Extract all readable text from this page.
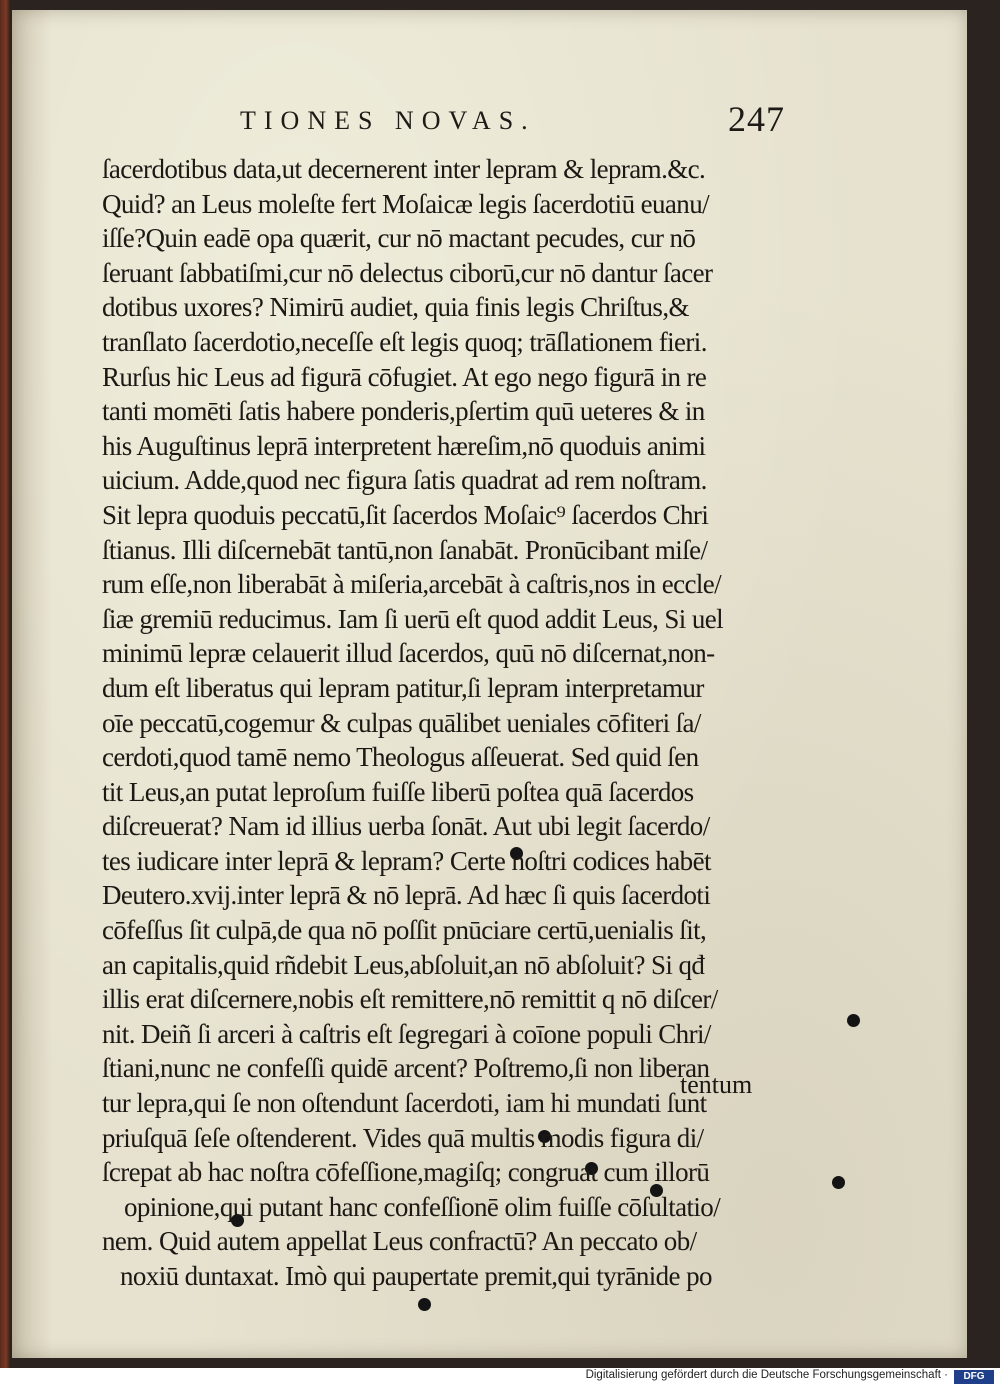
TIONES NOVAS.	247
ſacerdotibus data,ut decernerent inter lepram & lepram.&c.
Quid? an Leus moleſte fert Moſaicæ legis ſacerdotiū euanu/
iſſe?Quin eadē opa quærit, cur nō mactant pecudes, cur nō
ſeruant ſabbatiſmi,cur nō delectus ciborū,cur nō dantur ſacer
dotibus uxores? Nimirū audiet, quia finis legis Chriſtus,&
tranſlato ſacerdotio,neceſſe eſt legis quoq; trāſlationem fieri.
Rurſus hic Leus ad figurā cōfugiet. At ego nego figurā in re
tanti momēti ſatis habere ponderis,pſertim quū ueteres & in
his Auguſtinus leprā interpretent hæreſim,nō quoduis animi
uicium. Adde,quod nec figura ſatis quadrat ad rem noſtram.
Sit lepra quoduis peccatū,ſit ſacerdos Moſaic⁹ ſacerdos Chri
ſtianus. Illi diſcernebāt tantū,non ſanabāt. Pronūcibant miſe/
rum eſſe,non liberabāt à miſeria,arcebāt à caſtris,nos in eccle/
ſiæ gremiū reducimus. Iam ſi uerū eſt quod addit Leus, Si uel
minimū lepræ celauerit illud ſacerdos, quū nō diſcernat,non-
dum eſt liberatus qui lepram patitur,ſi lepram interpretamur
oīe peccatū,cogemur & culpas quālibet ueniales cōfiteri ſa/
cerdoti,quod tamē nemo Theologus aſſeuerat. Sed quid ſen
tit Leus,an putat leproſum fuiſſe liberū poſtea quā ſacerdos
diſcreuerat? Nam id illius uerba ſonāt. Aut ubi legit ſacerdo/
tes iudicare inter leprā & lepram? Certe noſtri codices habēt
Deutero.xvij.inter leprā & nō leprā. Ad hæc ſi quis ſacerdoti
cōfeſſus ſit culpā,de qua nō poſſit pnūciare certū,uenialis ſit,
an capitalis,quid rñdebit Leus,abſoluit,an nō abſoluit? Si qđ
illis erat diſcernere,nobis eſt remittere,nō remittit q nō diſcer/
nit. Deiñ ſi arceri à caſtris eſt ſegregari à coīone populi Chri/
ſtiani,nunc ne confeſſi quidē arcent? Poſtremo,ſi non liberan
tur lepra,qui ſe non oſtendunt ſacerdoti, iam hi mundati ſunt
priuſquā ſeſe oſtenderent. Vides quā multis modis figura di/
ſcrepat ab hac noſtra cōfeſſione,magiſq; congruat cum illorū
opinione,qui putant hanc confeſſionē olim fuiſſe cōſultatio/
nem. Quid autem appellat Leus confractū? An peccato ob/
noxiū duntaxat. Imò qui paupertate premit,qui tyrānide po
tentum
Digitalisierung gefördert durch die Deutsche Forschungsgemeinschaft ·	DFG
